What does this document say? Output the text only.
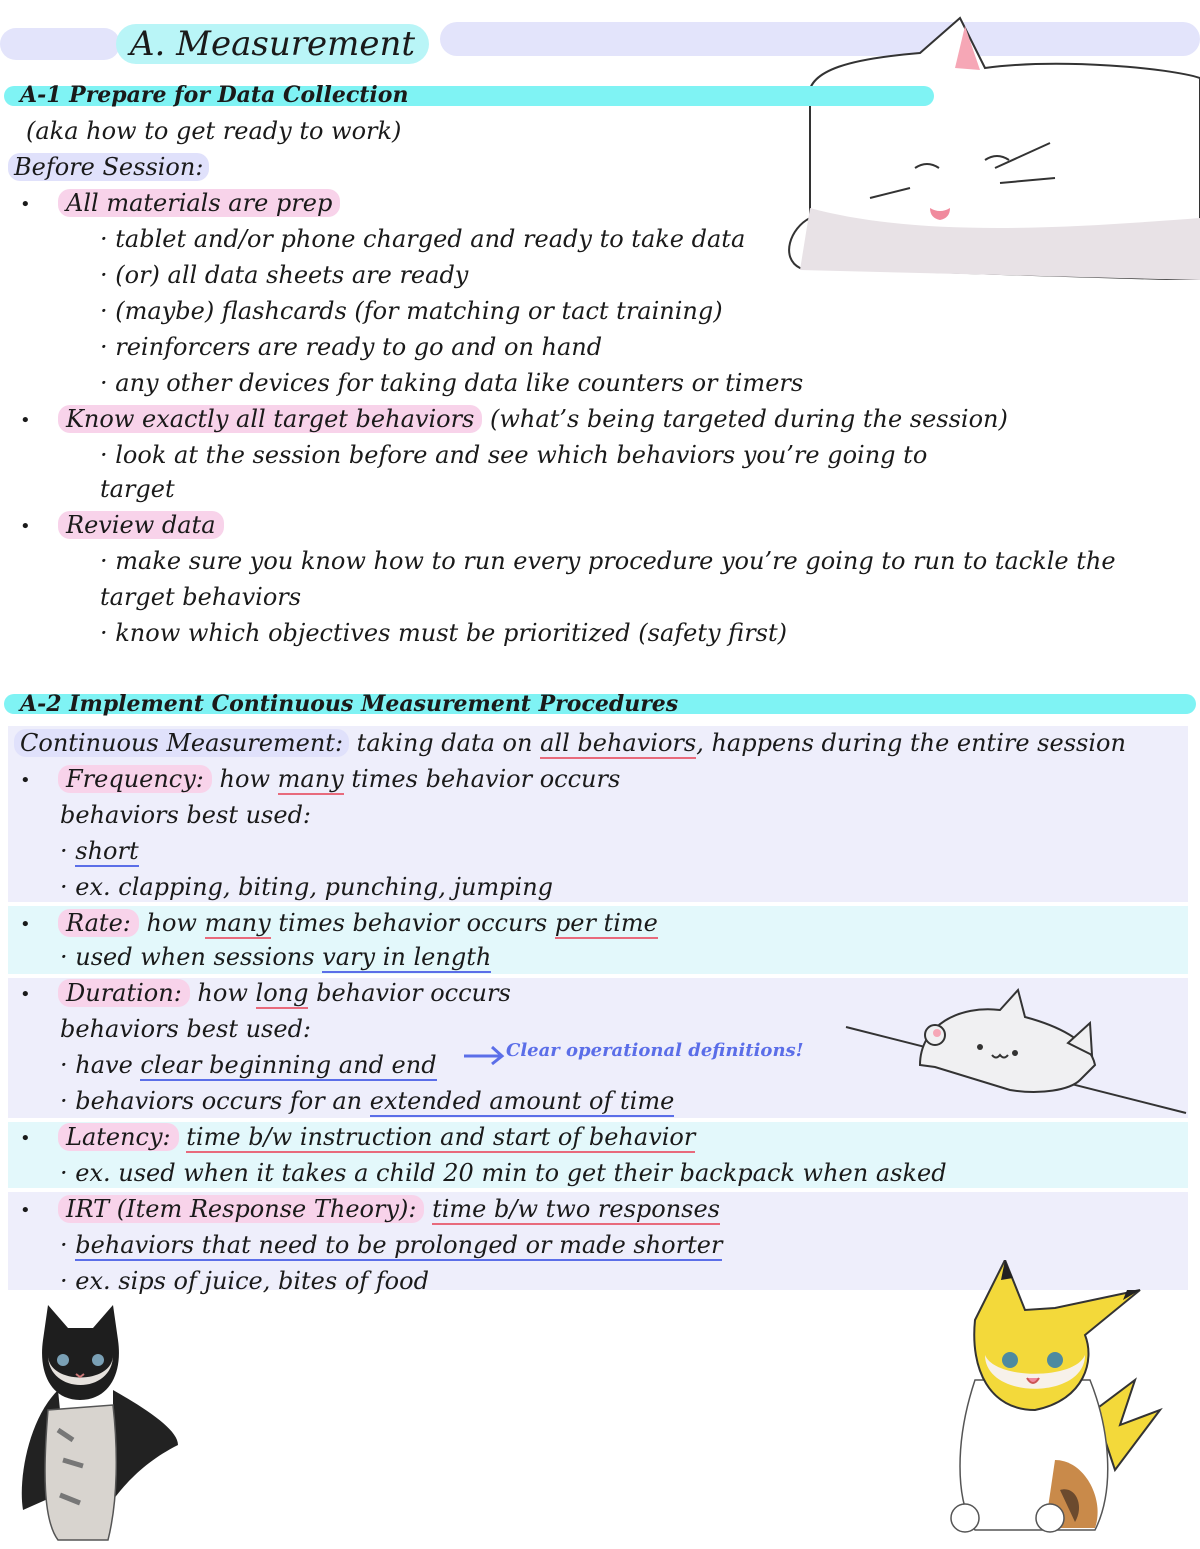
A. Measurement
A-1 Prepare for Data Collection
(aka how to get ready to work)
Before Session:
•	All materials are prep
· tablet and/or phone charged and ready to take data
· (or) all data sheets are ready
· (maybe) flashcards (for matching or tact training)
· reinforcers are ready to go and on hand
· any other devices for taking data like counters or timers
•	Know exactly all target behaviors (what’s being targeted during the session)
· look at the session before and see which behaviors you’re going to
target
•	Review data
· make sure you know how to run every procedure you’re going to run to tackle the
target behaviors
· know which objectives must be prioritized (safety first)
A-2 Implement Continuous Measurement Procedures
Continuous Measurement: taking data on all behaviors, happens during the entire session
•	Frequency: how many times behavior occurs
behaviors best used:
· short
· ex. clapping, biting, punching, jumping
•	Rate: how many times behavior occurs per time
· used when sessions vary in length
•	Duration: how long behavior occurs
behaviors best used:
· have clear beginning and end
Clear operational definitions!
· behaviors occurs for an extended amount of time
•	Latency: time b/w instruction and start of behavior
· ex. used when it takes a child 20 min to get their backpack when asked
•	IRT (Item Response Theory): time b/w two responses
· behaviors that need to be prolonged or made shorter
· ex. sips of juice, bites of food
